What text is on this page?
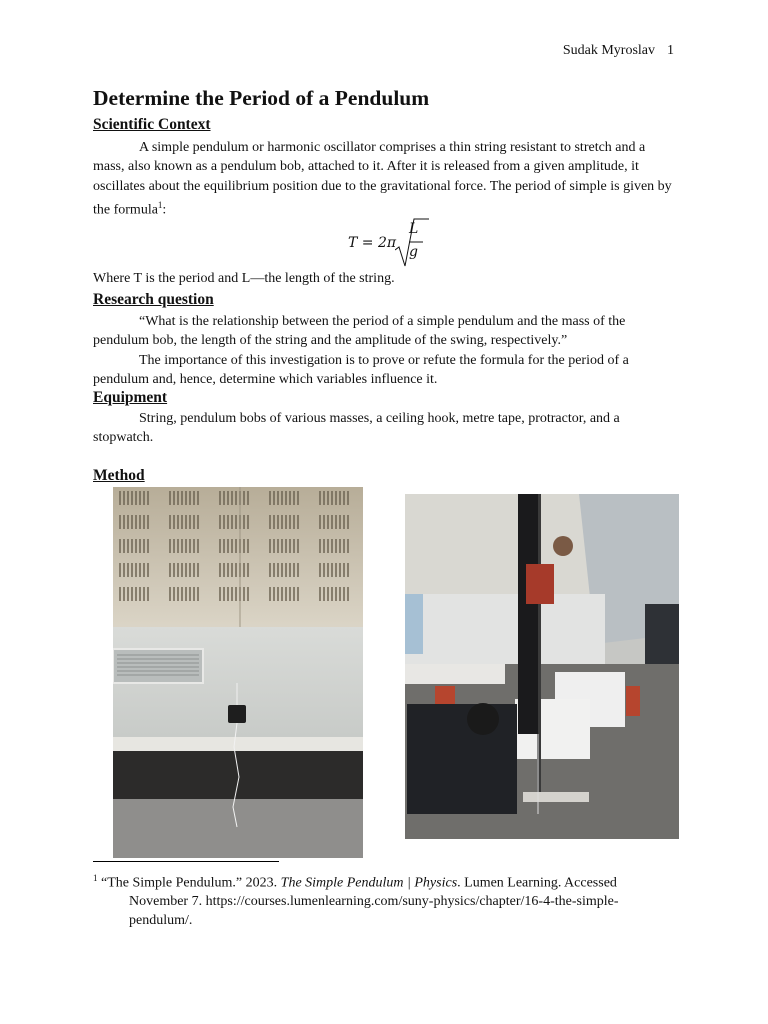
Sudak Myroslav 1
Determine the Period of a Pendulum
Scientific Context

A simple pendulum or harmonic oscillator comprises a thin string resistant to stretch and a mass, also known as a pendulum bob, attached to it. After it is released from a given amplitude, it oscillates about the equilibrium position due to the gravitational force. The period of simple is given by the formula$^1$:

T = 2π
L
g

Where T is the period and L—the length of the string.

Research question

“What is the relationship between the period of a simple pendulum and the mass of the pendulum bob, the length of the string and the amplitude of the swing, respectively.”

The importance of this investigation is to prove or refute the formula for the period of a pendulum and, hence, determine which variables influence it.

Equipment

String, pendulum bobs of various masses, a ceiling hook, metre tape, protractor, and a stopwatch.

Method
$^1$ “The Simple Pendulum.” 2023. The Simple Pendulum | Physics. Lumen Learning. Accessed November 7. https://courses.lumenlearning.com/suny-physics/chapter/16-4-the-simple-pendulum/.
